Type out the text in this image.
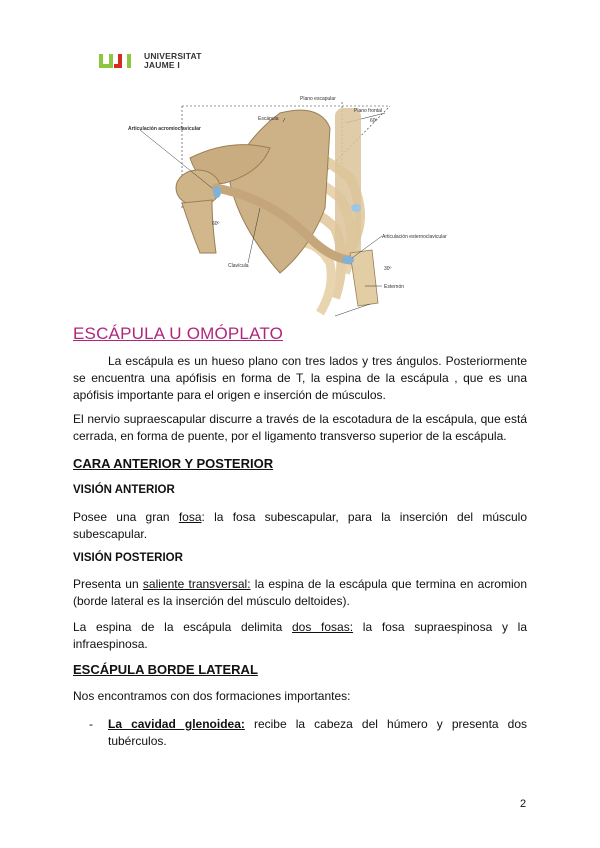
UNIVERSITAT
JAUME I
Plano escapular
Plano frontal
Escápula	60º
Articulación acromioclavicular
60º
Articulación esternoclavicular
Clavícula	30º
Esternón
ESCÁPULA U OMÓPLATO

La escápula es un hueso plano con tres lados y tres ángulos. Posteriormente se encuentra una apófisis en forma de T, la espina de la escápula , que es una apófisis importante para el origen e inserción de músculos.

El nervio supraescapular discurre a través de la escotadura de la escápula, que está cerrada, en forma de puente, por el ligamento transverso superior de la escápula.

CARA ANTERIOR Y POSTERIOR
VISIÓN ANTERIOR

Posee una gran fosa: la fosa subescapular, para la inserción del músculo subescapular.

VISIÓN POSTERIOR

Presenta un saliente transversal: la espina de la escápula que termina en acromion (borde lateral es la inserción del músculo deltoides).

La espina de la escápula delimita dos fosas: la fosa supraespinosa y la infraespinosa.

ESCÁPULA BORDE LATERAL

Nos encontramos con dos formaciones importantes:

- La cavidad glenoidea: recibe la cabeza del húmero y presenta dos tubérculos.
2
